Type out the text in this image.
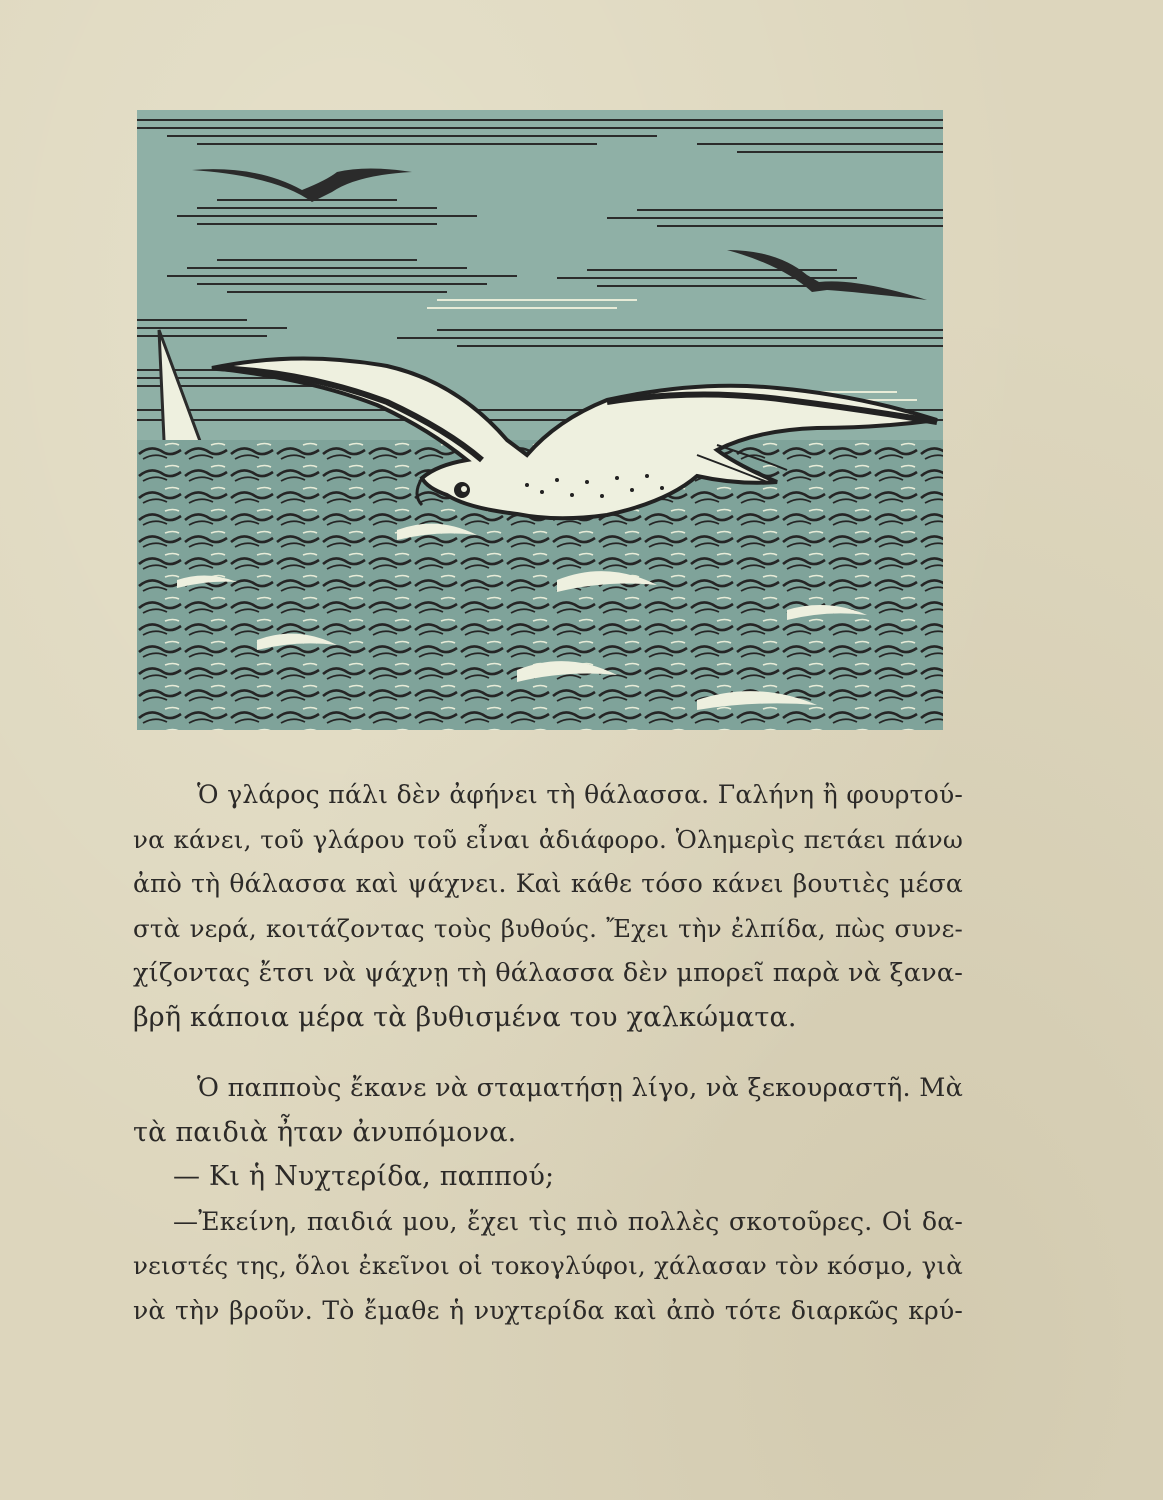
Ὁ γλάρος πάλι δὲν ἀφήνει τὴ θάλασσα. Γαλήνη ἢ φουρτού-
να κάνει, τοῦ γλάρου τοῦ εἶναι ἀδιάφορο. Ὁλημερὶς πετάει πάνω
ἀπὸ τὴ θάλασσα καὶ ψάχνει. Καὶ κάθε τόσο κάνει βουτιὲς μέσα
στὰ νερά, κοιτάζοντας τοὺς βυθούς. Ἔχει τὴν ἐλπίδα, πὼς συνε-
χίζοντας ἔτσι νὰ ψάχνῃ τὴ θάλασσα δὲν μπορεῖ παρὰ νὰ ξανα-
βρῆ κάποια μέρα τὰ βυθισμένα του χαλκώματα.
Ὁ παπποὺς ἔκανε νὰ σταματήσῃ λίγο, νὰ ξεκουραστῆ. Μὰ
τὰ παιδιὰ ἦταν ἀνυπόμονα.
— Κι ἡ Νυχτερίδα, παππού;
—Ἐκείνη, παιδιά μου, ἔχει τὶς πιὸ πολλὲς σκοτοῦρες. Οἱ δα-
νειστές της, ὅλοι ἐκεῖνοι οἱ τοκογλύφοι, χάλασαν τὸν κόσμο, γιὰ
νὰ τὴν βροῦν. Τὸ ἔμαθε ἡ νυχτερίδα καὶ ἀπὸ τότε διαρκῶς κρύ-
